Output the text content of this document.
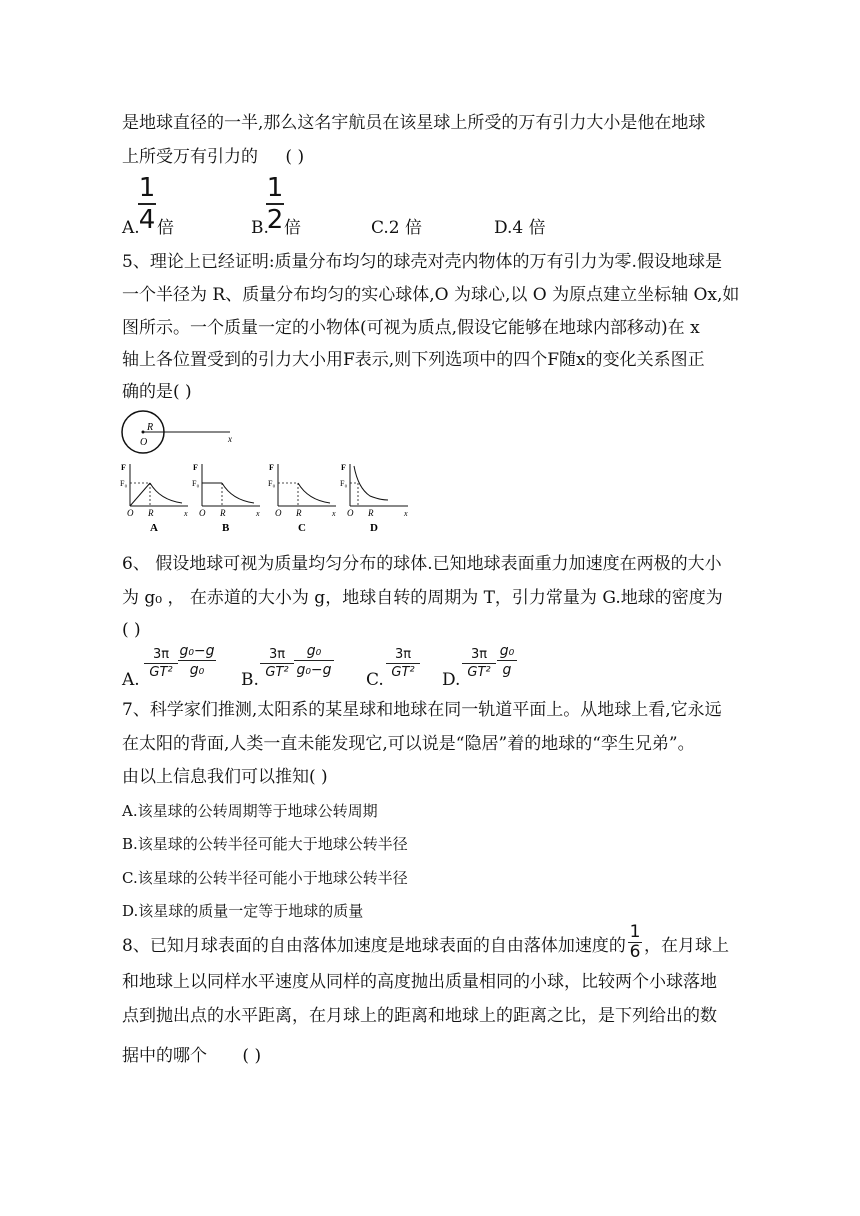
是地球直径的一半,那么这名宇航员在该星球上所受的万有引力大小是他在地球
上所受万有引力的 ( )
A.
1
4 倍	B.
1
2 倍	C.2 倍	D.4 倍
5、理论上已经证明:质量分布均匀的球壳对壳内物体的万有引力为零.假设地球是
一个半径为 R、质量分布均匀的实心球体,O 为球心,以 O 为原点建立坐标轴 Ox,如
图所示。一个质量一定的小物体(可视为质点,假设它能够在地球内部移动)在 x
轴上各位置受到的引力大小用F表示,则下列选项中的四个F随x的变化关系图正
确的是( )
R
O	x
F
F₀
O R	x
A
F
F₀
O R	x
B
F
F₀
O R	x
C
F
F₀
O R	x
D
6、 假设地球可视为质量均匀分布的球体.已知地球表面重力加速度在两极的大小
为 g₀ ， 在赤道的大小为 g，地球自转的周期为 T，引力常量为 G.地球的密度为
( )
A.
3π
GT²
g₀−g
g₀	B.
3π
GT²
g₀
g₀−g C.
3π
GT²	D.
3π
GT²
g₀
g
7、科学家们推测,太阳系的某星球和地球在同一轨道平面上。从地球上看,它永远
在太阳的背面,人类一直未能发现它,可以说是“隐居”着的地球的“孪生兄弟”。
由以上信息我们可以推知( )
A.该星球的公转周期等于地球公转周期
B.该星球的公转半径可能大于地球公转半径
C.该星球的公转半径可能小于地球公转半径
D.该星球的质量一定等于地球的质量
8、已知月球表面的自由落体加速度是地球表面的自由落体加速度的
1
6 ，在月球上
和地球上以同样水平速度从同样的高度抛出质量相同的小球，比较两个小球落地
点到抛出点的水平距离，在月球上的距离和地球上的距离之比，是下列给出的数
据中的哪个 ( )
